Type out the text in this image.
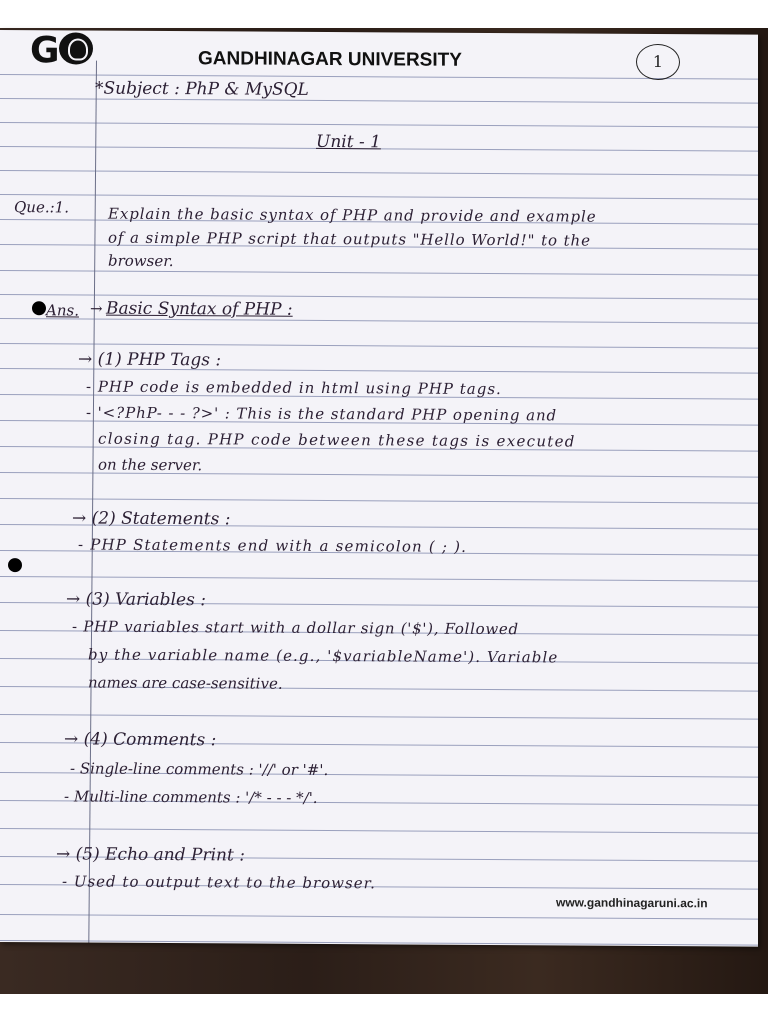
G	GANDHINAGAR UNIVERSITY	1
*Subject : PhP & MySQL
Unit - 1
Que.:1.	Explain the basic syntax of PHP and provide and example
of a simple PHP script that outputs "Hello World!" to the
browser.
Ans. → Basic Syntax of PHP :
→ (1) PHP Tags :
- PHP code is embedded in html using PHP tags.
- '<?PhP- - - ?>' : This is the standard PHP opening and
closing tag. PHP code between these tags is executed
on the server.
→ (2) Statements :
- PHP Statements end with a semicolon ( ; ).
→ (3) Variables :
- PHP variables start with a dollar sign ('$'), Followed
by the variable name (e.g., '$variableName'). Variable
names are case-sensitive.
→ (4) Comments :
- Single-line comments : '//' or '#'.
- Multi-line comments : '/* - - - */'.
→ (5) Echo and Print :
- Used to output text to the browser.
www.gandhinagaruni.ac.in
